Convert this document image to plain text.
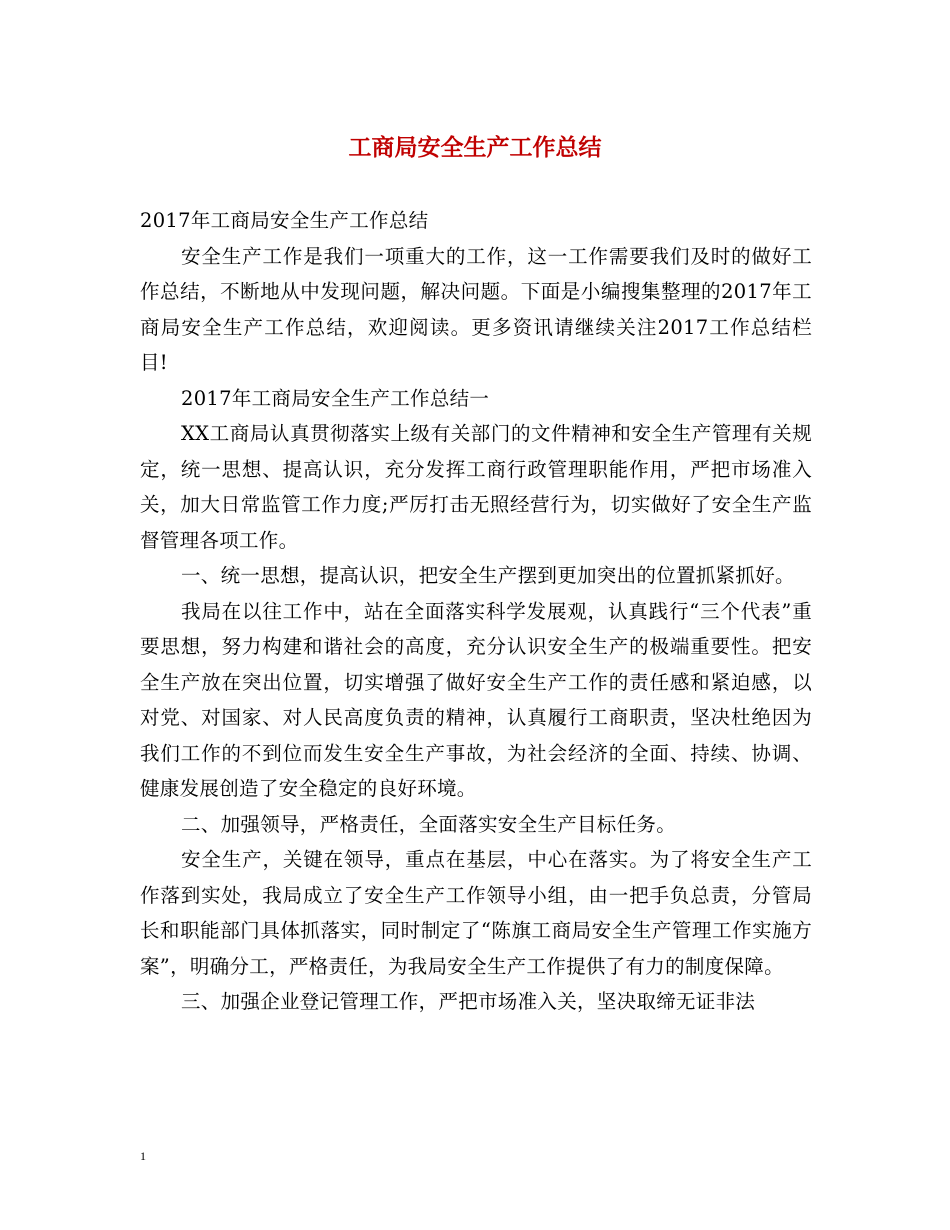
工商局安全生产工作总结

2017年工商局安全生产工作总结

安全生产工作是我们一项重大的工作，这一工作需要我们及时的做好工作总结，不断地从中发现问题，解决问题。下面是小编搜集整理的2017年工商局安全生产工作总结，欢迎阅读。更多资讯请继续关注2017工作总结栏目!

2017年工商局安全生产工作总结一

XX工商局认真贯彻落实上级有关部门的文件精神和安全生产管理有关规定，统一思想、提高认识，充分发挥工商行政管理职能作用，严把市场准入关，加大日常监管工作力度;严厉打击无照经营行为，切实做好了安全生产监督管理各项工作。

一、统一思想，提高认识，把安全生产摆到更加突出的位置抓紧抓好。

我局在以往工作中，站在全面落实科学发展观，认真践行“三个代表”重要思想，努力构建和谐社会的高度，充分认识安全生产的极端重要性。把安全生产放在突出位置，切实增强了做好安全生产工作的责任感和紧迫感，以对党、对国家、对人民高度负责的精神，认真履行工商职责，坚决杜绝因为我们工作的不到位而发生安全生产事故，为社会经济的全面、持续、协调、健康发展创造了安全稳定的良好环境。

二、加强领导，严格责任，全面落实安全生产目标任务。

安全生产，关键在领导，重点在基层，中心在落实。为了将安全生产工作落到实处，我局成立了安全生产工作领导小组，由一把手负总责，分管局长和职能部门具体抓落实，同时制定了“陈旗工商局安全生产管理工作实施方案”，明确分工，严格责任，为我局安全生产工作提供了有力的制度保障。

三、加强企业登记管理工作，严把市场准入关，坚决取缔无证非法

1
